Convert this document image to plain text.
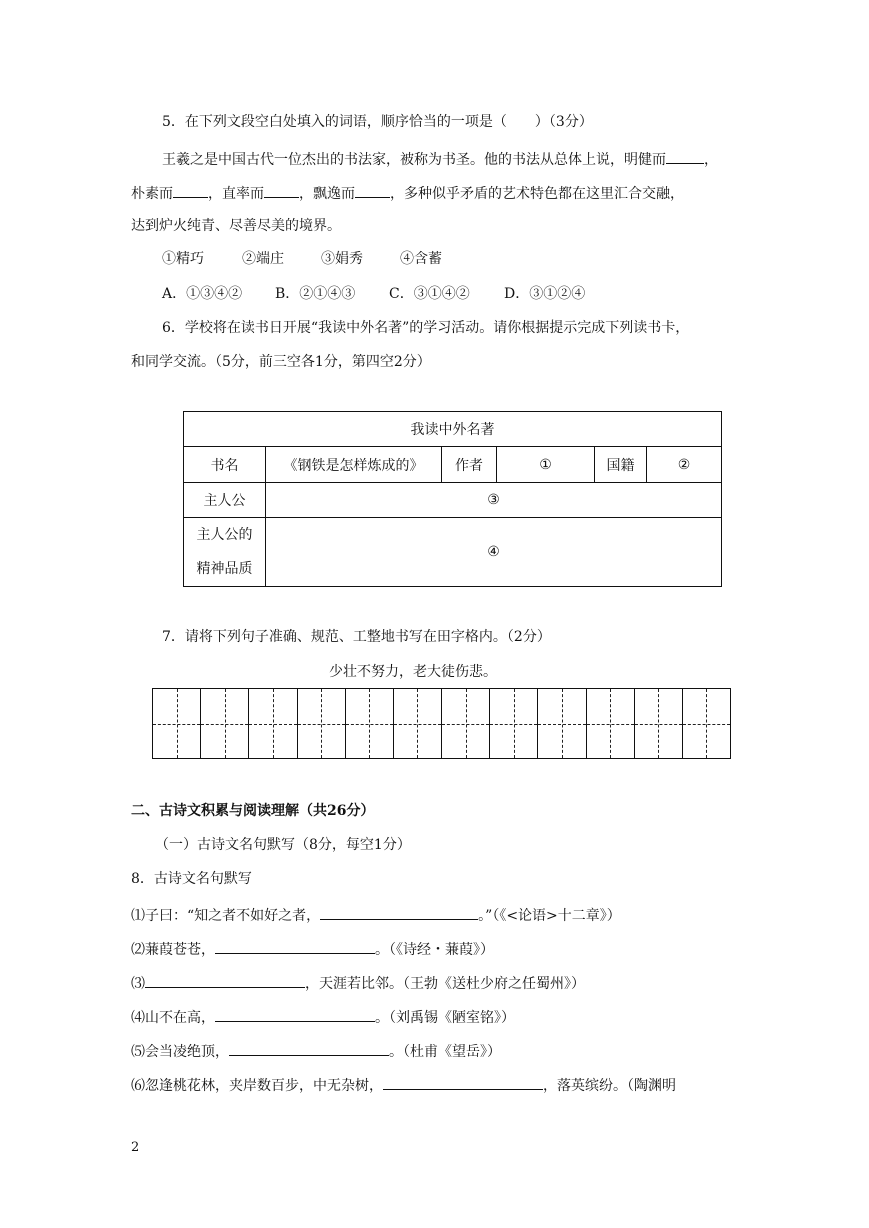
5．在下列文段空白处填入的词语，顺序恰当的一项是（　　）（3分）
王羲之是中国古代一位杰出的书法家，被称为书圣。他的书法从总体上说，明健而	，
朴素而	，直率而	，飘逸而	，多种似乎矛盾的艺术特色都在这里汇合交融，
达到炉火纯青、尽善尽美的境界。
①精巧	②端庄	③娟秀	④含蓄
A．①③④② B．②①④③ C．③①④② D．③①②④
6．学校将在读书日开展“我读中外名著”的学习活动。请你根据提示完成下列读书卡，
和同学交流。（5分，前三空各1分，第四空2分）
我读中外名著					
书名	《钢铁是怎样炼成的》	作者	①	国籍	②
主人公	③				

主人公的
精神品质	④				
7．请将下列句子准确、规范、工整地书写在田字格内。（2分）
少壮不努力，老大徒伤悲。
二、古诗文积累与阅读理解（共26分）
（一）古诗文名句默写（8分，每空1分）
8．古诗文名句默写
⑴子曰：“知之者不如好之者，	。”（《<论语>十二章》）
⑵蒹葭苍苍，	。（《诗经・蒹葭》）
⑶	，天涯若比邻。（王勃《送杜少府之任蜀州》）
⑷山不在高，	。（刘禹锡《陋室铭》）
⑸会当凌绝顶，	。（杜甫《望岳》）
⑹忽逢桃花林，夹岸数百步，中无杂树，	，落英缤纷。（陶渊明
2
